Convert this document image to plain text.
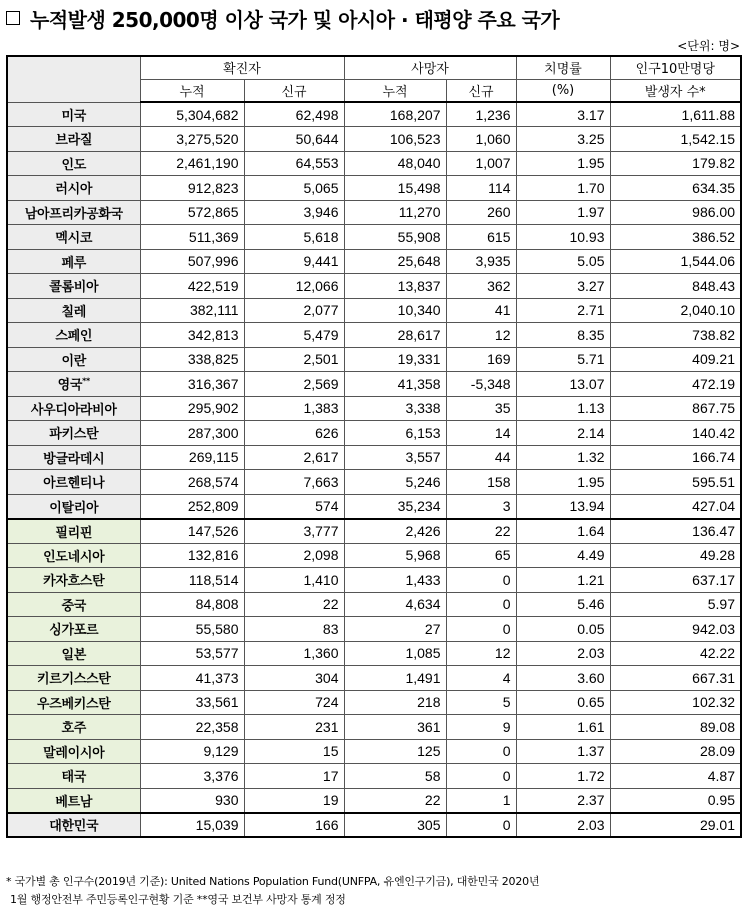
누적발생 250,000명 이상 국가 및 아시아 · 태평양 주요 국가
<단위: 명>
	확진자		사망자		치명률	인구10만명당
	누적	신규	누적	신규	(%)	발생자 수*
미국	5,304,682	62,498	168,207	1,236	3.17	1,611.88
브라질	3,275,520	50,644	106,523	1,060	3.25	1,542.15
인도	2,461,190	64,553	48,040	1,007	1.95	179.82
러시아	912,823	5,065	15,498	114	1.70	634.35
남아프리카공화국	572,865	3,946	11,270	260	1.97	986.00
멕시코	511,369	5,618	55,908	615	10.93	386.52
페루	507,996	9,441	25,648	3,935	5.05	1,544.06
콜롬비아	422,519	12,066	13,837	362	3.27	848.43
칠레	382,111	2,077	10,340	41	2.71	2,040.10
스페인	342,813	5,479	28,617	12	8.35	738.82
이란	338,825	2,501	19,331	169	5.71	409.21
영국**	316,367	2,569	41,358	-5,348	13.07	472.19
사우디아라비아	295,902	1,383	3,338	35	1.13	867.75
파키스탄	287,300	626	6,153	14	2.14	140.42
방글라데시	269,115	2,617	3,557	44	1.32	166.74
아르헨티나	268,574	7,663	5,246	158	1.95	595.51
이탈리아	252,809	574	35,234	3	13.94	427.04
필리핀	147,526	3,777	2,426	22	1.64	136.47
인도네시아	132,816	2,098	5,968	65	4.49	49.28
카자흐스탄	118,514	1,410	1,433	0	1.21	637.17
중국	84,808	22	4,634	0	5.46	5.97
싱가포르	55,580	83	27	0	0.05	942.03
일본	53,577	1,360	1,085	12	2.03	42.22
키르기스스탄	41,373	304	1,491	4	3.60	667.31
우즈베키스탄	33,561	724	218	5	0.65	102.32
호주	22,358	231	361	9	1.61	89.08
말레이시아	9,129	15	125	0	1.37	28.09
태국	3,376	17	58	0	1.72	4.87
베트남	930	19	22	1	2.37	0.95
대한민국	15,039	166	305	0	2.03	29.01
* 국가별 총 인구수(2019년 기준): United Nations Population Fund(UNFPA, 유엔인구기금), 대한민국 2020년
1월 행정안전부 주민등록인구현황 기준 **영국 보건부 사망자 통계 정정
